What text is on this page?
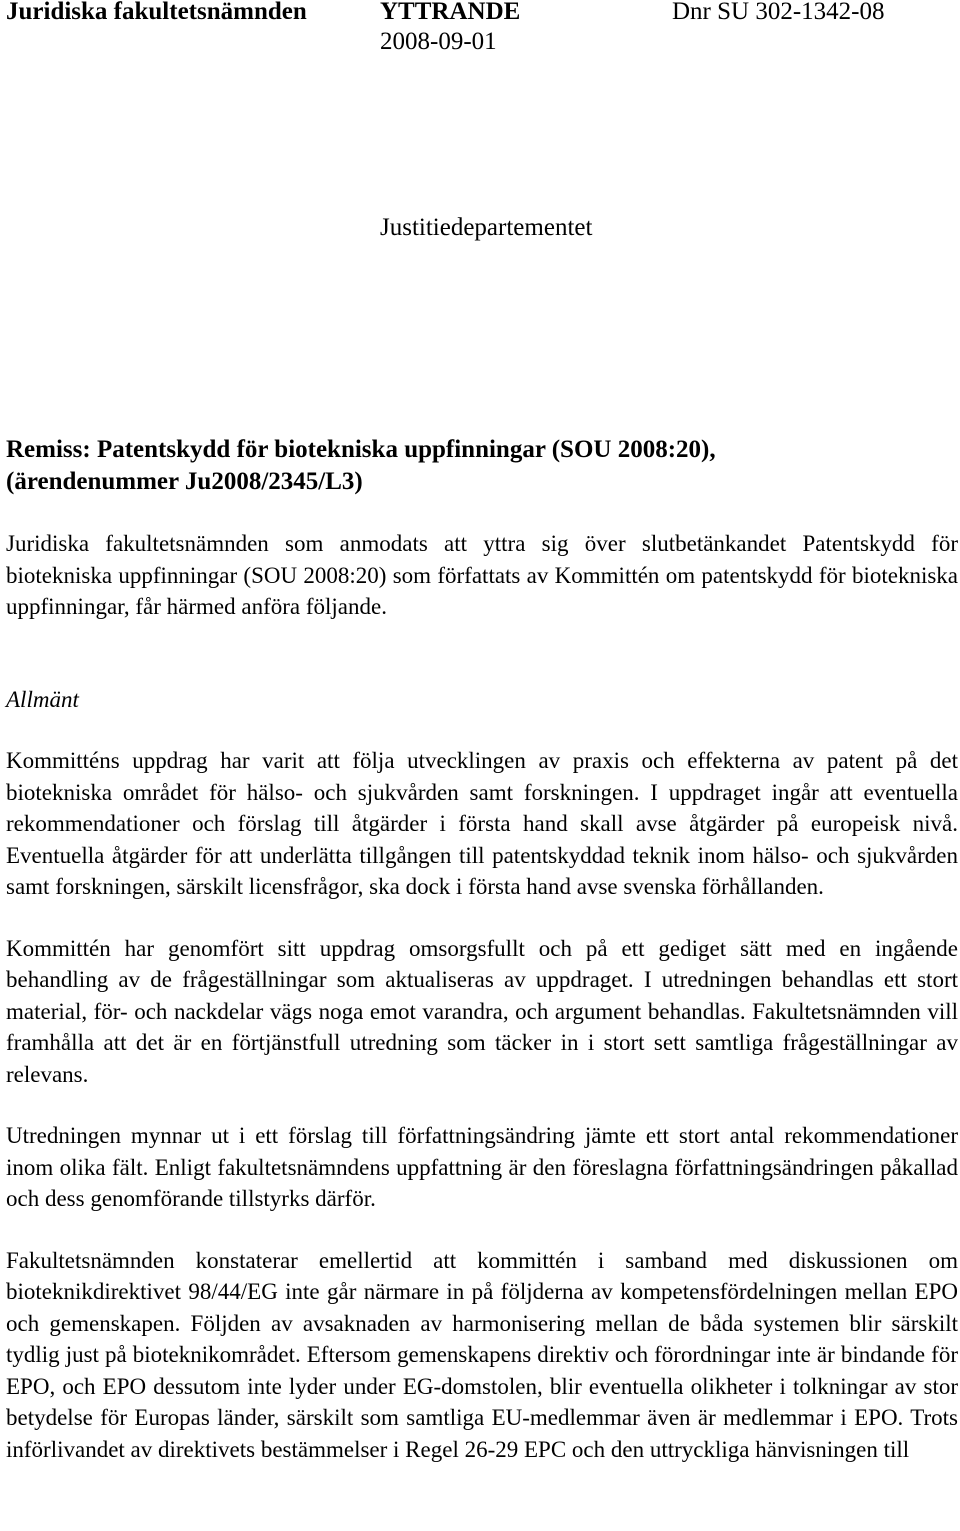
Juridiska fakultetsnämnden	YTTRANDE
2008-09-01
Dnr SU 302-1342-08
Justitiedepartementet
Remiss: Patentskydd för biotekniska uppfinningar (SOU 2008:20),
(ärendenummer Ju2008/2345/L3)

Juridiska fakultetsnämnden som anmodats att yttra sig över slutbetänkandet Patentskydd för biotekniska uppfinningar (SOU 2008:20) som författats av Kommittén om patentskydd för biotekniska uppfinningar, får härmed anföra följande.

Allmänt

Kommitténs uppdrag har varit att följa utvecklingen av praxis och effekterna av patent på det biotekniska området för hälso- och sjukvården samt forskningen. I uppdraget ingår att eventuella rekommendationer och förslag till åtgärder i första hand skall avse åtgärder på europeisk nivå. Eventuella åtgärder för att underlätta tillgången till patentskyddad teknik inom hälso- och sjukvården samt forskningen, särskilt licensfrågor, ska dock i första hand avse svenska förhållanden.

Kommittén har genomfört sitt uppdrag omsorgsfullt och på ett gediget sätt med en ingående behandling av de frågeställningar som aktualiseras av uppdraget. I utredningen behandlas ett stort material, för- och nackdelar vägs noga emot varandra, och argument behandlas. Fakultetsnämnden vill framhålla att det är en förtjänstfull utredning som täcker in i stort sett samtliga frågeställningar av relevans.

Utredningen mynnar ut i ett förslag till författningsändring jämte ett stort antal rekommendationer inom olika fält. Enligt fakultetsnämndens uppfattning är den föreslagna författningsändringen påkallad och dess genomförande tillstyrks därför.

Fakultetsnämnden konstaterar emellertid att kommittén i samband med diskussionen om bioteknikdirektivet 98/44/EG inte går närmare in på följderna av kompetensfördelningen mellan EPO och gemenskapen. Följden av avsaknaden av harmonisering mellan de båda systemen blir särskilt tydlig just på bioteknikområdet. Eftersom gemenskapens direktiv och förordningar inte är bindande för EPO, och EPO dessutom inte lyder under EG-domstolen, blir eventuella olikheter i tolkningar av stor betydelse för Europas länder, särskilt som samtliga EU-medlemmar även är medlemmar i EPO. Trots införlivandet av direktivets bestämmelser i Regel 26-29 EPC och den uttryckliga hänvisningen till
